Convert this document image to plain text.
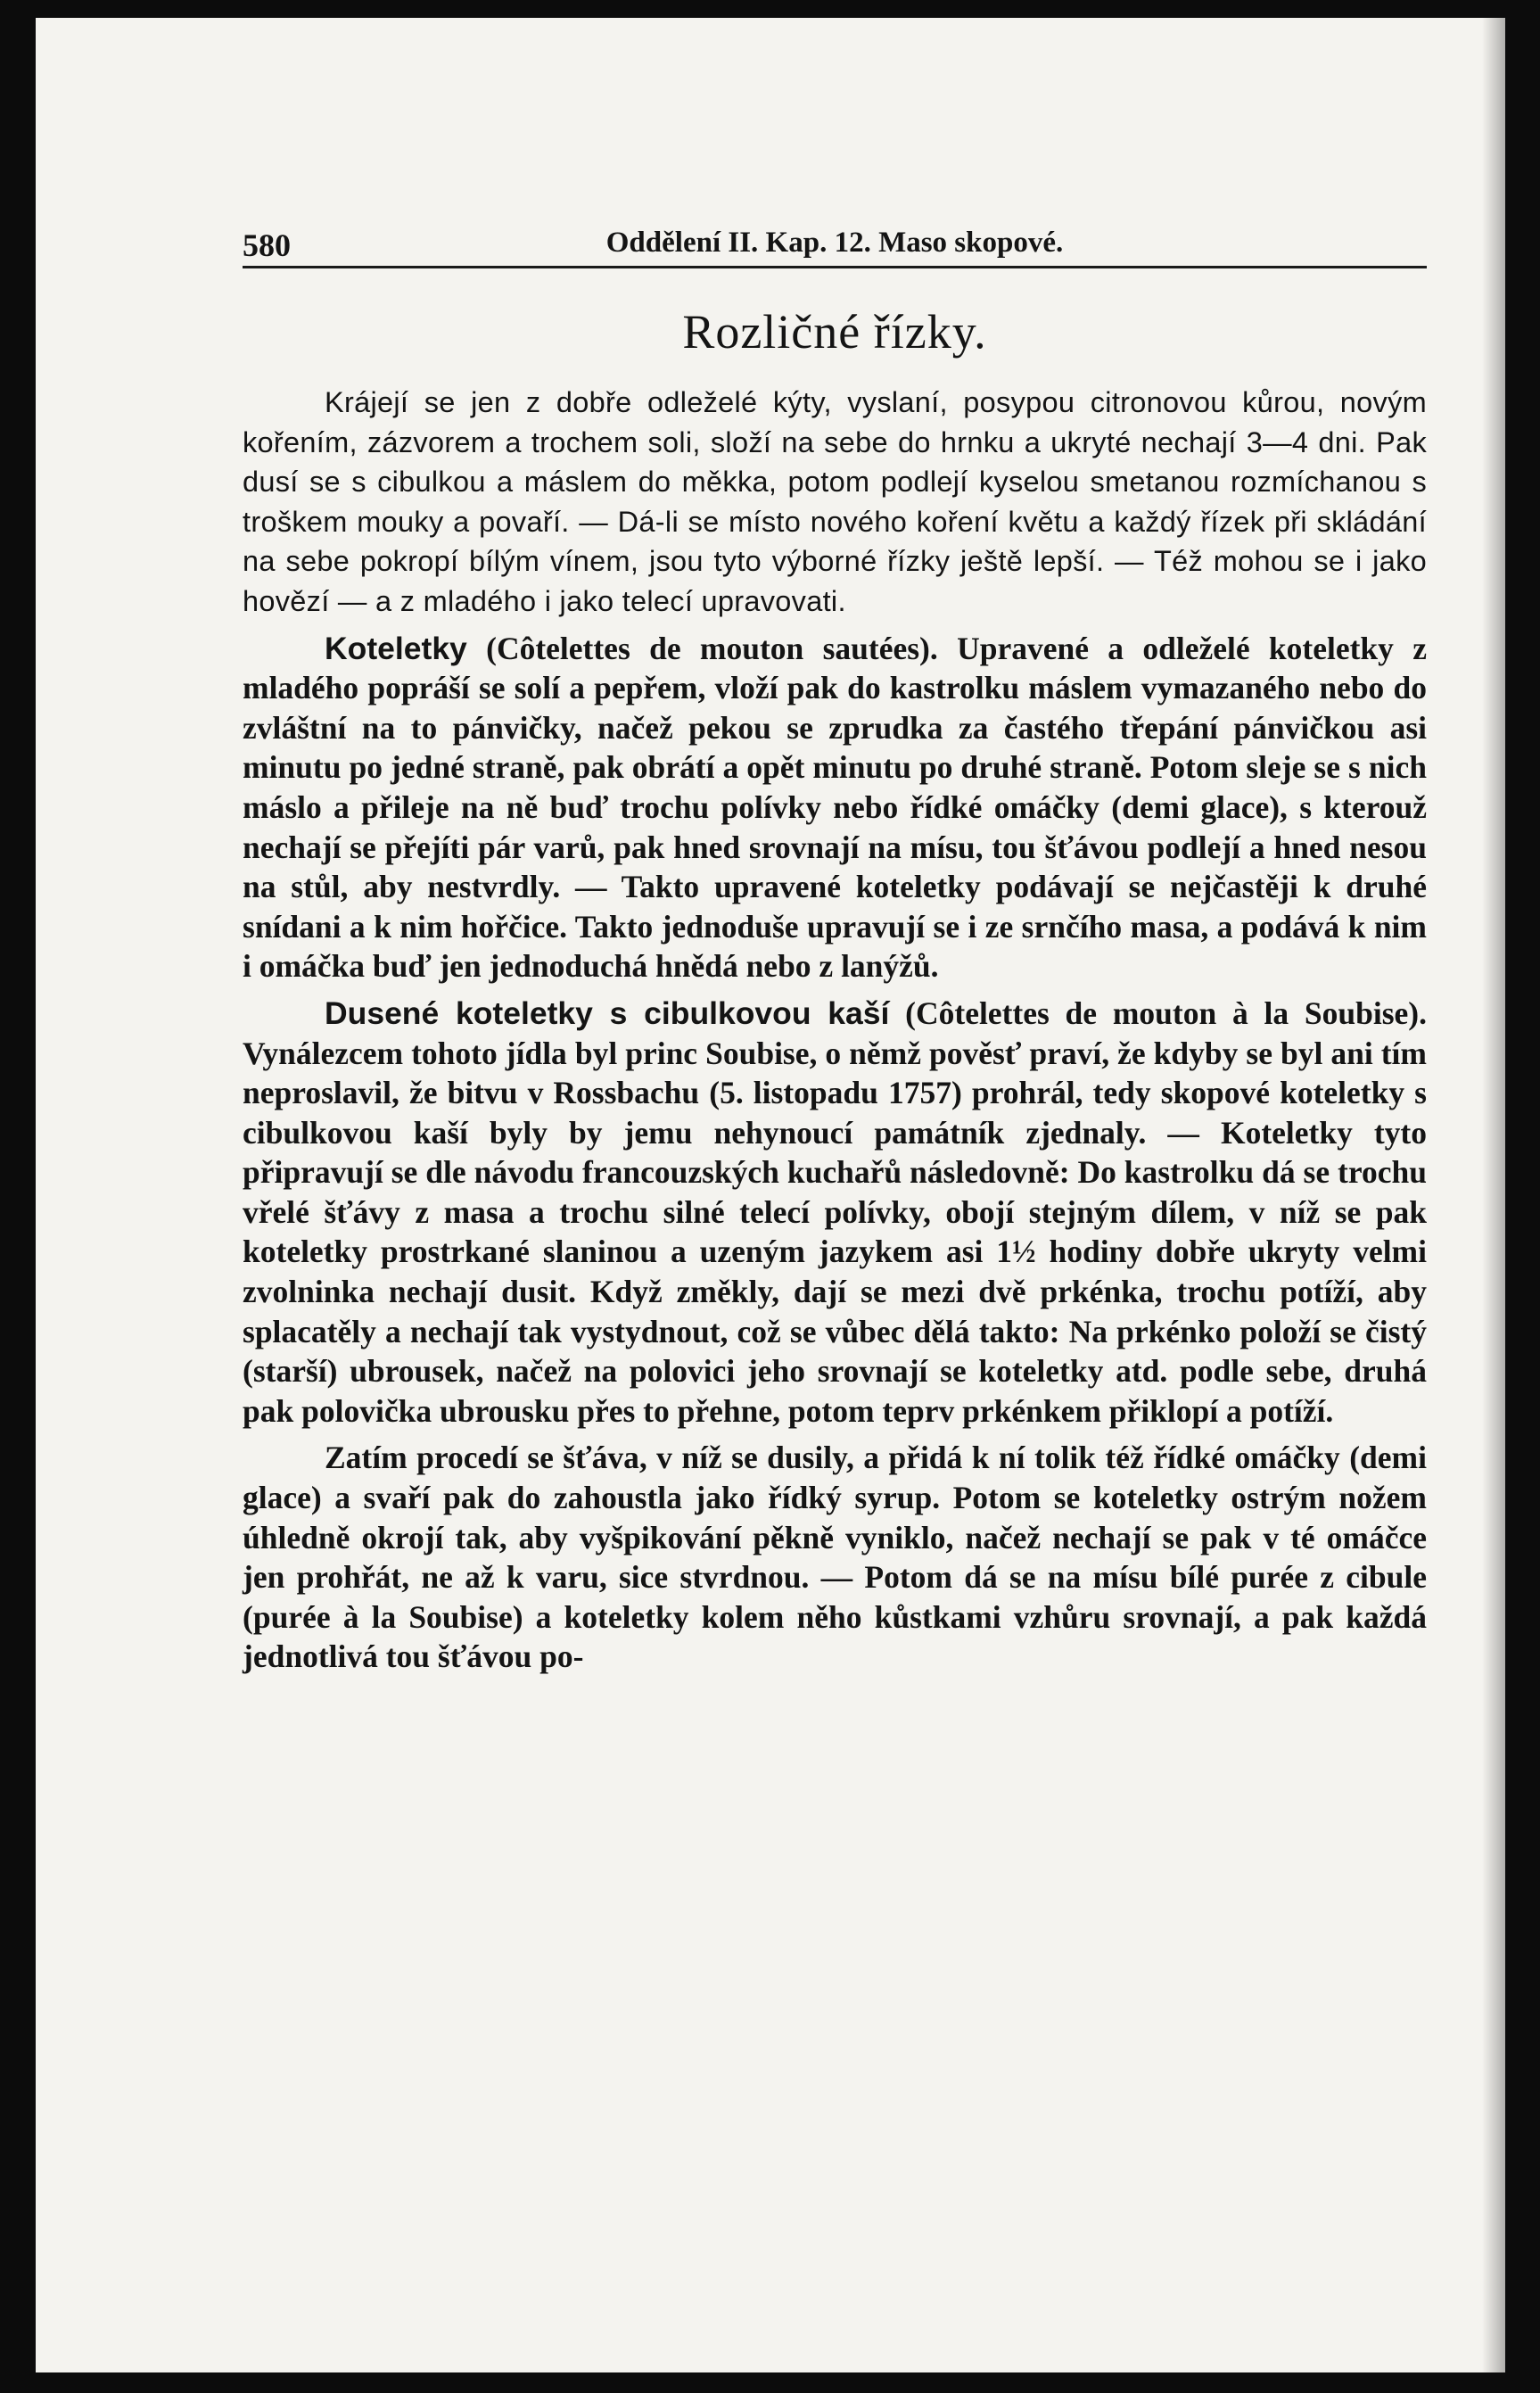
580	Oddělení II. Kap. 12. Maso skopové.
Rozličné řízky.

Krájejí se jen z dobře odleželé kýty, vyslaní, posypou citronovou kůrou, novým kořením, zázvorem a trochem soli, složí na sebe do hrnku a ukryté nechají 3—4 dni. Pak dusí se s cibulkou a máslem do měkka, potom podlejí kyselou smetanou rozmíchanou s troškem mouky a povaří. — Dá-li se místo nového koření květu a každý řízek při skládání na sebe pokropí bílým vínem, jsou tyto výborné řízky ještě lepší. — Též mohou se i jako hovězí — a z mladého i jako telecí upravovati.

Koteletky (Côtelettes de mouton sautées). Upravené a odleželé koteletky z mladého popráší se solí a pepřem, vloží pak do kastrolku máslem vymazaného nebo do zvláštní na to pánvičky, načež pekou se zprudka za častého třepání pánvičkou asi minutu po jedné straně, pak obrátí a opět minutu po druhé straně. Potom sleje se s nich máslo a přileje na ně buď trochu polívky nebo řídké omáčky (demi glace), s kterouž nechají se přejíti pár varů, pak hned srovnají na mísu, tou šťávou podlejí a hned nesou na stůl, aby nestvrdly. — Takto upravené koteletky podávají se nejčastěji k druhé snídani a k nim hořčice. Takto jednoduše upravují se i ze srnčího masa, a podává k nim i omáčka buď jen jednoduchá hnědá nebo z lanýžů.

Dusené koteletky s cibulkovou kaší (Côtelettes de mouton à la Soubise). Vynálezcem tohoto jídla byl princ Soubise, o němž pověsť praví, že kdyby se byl ani tím neproslavil, že bitvu v Rossbachu (5. listopadu 1757) prohrál, tedy skopové koteletky s cibulkovou kaší byly by jemu nehynoucí památník zjednaly. — Koteletky tyto připravují se dle návodu francouzských kuchařů následovně: Do kastrolku dá se trochu vřelé šťávy z masa a trochu silné telecí polívky, obojí stejným dílem, v níž se pak koteletky prostrkané slaninou a uzeným jazykem asi 1½ hodiny dobře ukryty velmi zvolninka nechají dusit. Když změkly, dají se mezi dvě prkénka, trochu potíží, aby splacatěly a nechají tak vystydnout, což se vůbec dělá takto: Na prkénko položí se čistý (starší) ubrousek, načež na polovici jeho srovnají se koteletky atd. podle sebe, druhá pak polovička ubrousku přes to přehne, potom teprv prkénkem přiklopí a potíží.

Zatím procedí se šťáva, v níž se dusily, a přidá k ní tolik též řídké omáčky (demi glace) a svaří pak do zahoustla jako řídký syrup. Potom se koteletky ostrým nožem úhledně okrojí tak, aby vyšpikování pěkně vyniklo, načež nechají se pak v té omáčce jen prohřát, ne až k varu, sice stvrdnou. — Potom dá se na mísu bílé purée z cibule (purée à la Soubise) a koteletky kolem něho kůstkami vzhůru srovnají, a pak každá jednotlivá tou šťávou po-
